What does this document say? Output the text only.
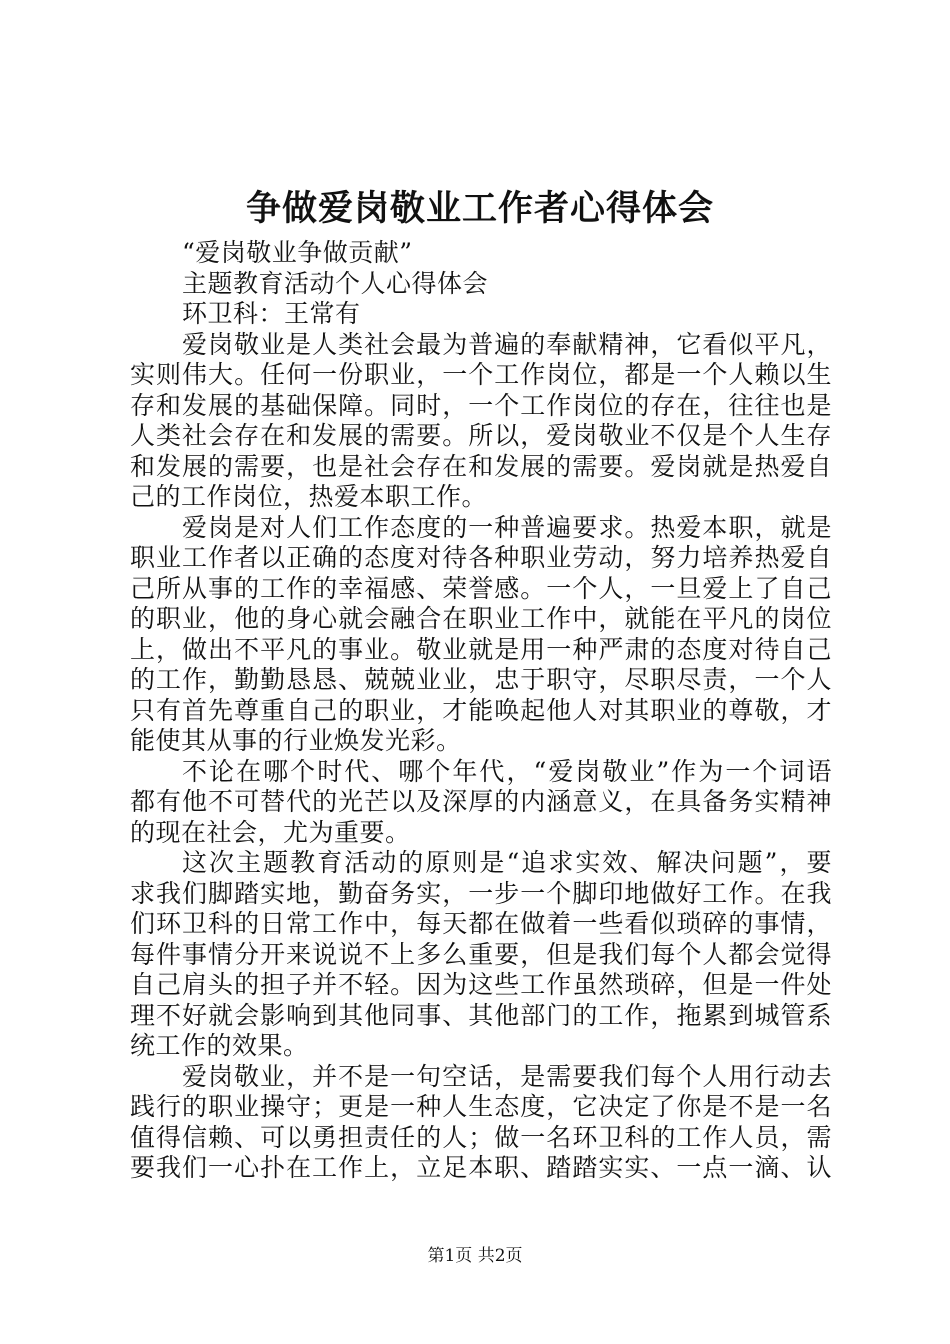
争做爱岗敬业工作者心得体会

“爱岗敬业争做贡献”

主题教育活动个人心得体会

环卫科：王常有

爱岗敬业是人类社会最为普遍的奉献精神，它看似平凡，

实则伟大。任何一份职业，一个工作岗位，都是一个人赖以生

存和发展的基础保障。同时，一个工作岗位的存在，往往也是

人类社会存在和发展的需要。所以，爱岗敬业不仅是个人生存

和发展的需要，也是社会存在和发展的需要。爱岗就是热爱自

己的工作岗位，热爱本职工作。

爱岗是对人们工作态度的一种普遍要求。热爱本职，就是

职业工作者以正确的态度对待各种职业劳动，努力培养热爱自

己所从事的工作的幸福感、荣誉感。一个人，一旦爱上了自己

的职业，他的身心就会融合在职业工作中，就能在平凡的岗位

上，做出不平凡的事业。敬业就是用一种严肃的态度对待自己

的工作，勤勤恳恳、兢兢业业，忠于职守，尽职尽责，一个人

只有首先尊重自己的职业，才能唤起他人对其职业的尊敬，才

能使其从事的行业焕发光彩。

不论在哪个时代、哪个年代，“爱岗敬业”作为一个词语

都有他不可替代的光芒以及深厚的内涵意义，在具备务实精神

的现在社会，尤为重要。

这次主题教育活动的原则是“追求实效、解决问题”，要

求我们脚踏实地，勤奋务实，一步一个脚印地做好工作。在我

们环卫科的日常工作中，每天都在做着一些看似琐碎的事情，

每件事情分开来说说不上多么重要，但是我们每个人都会觉得

自己肩头的担子并不轻。因为这些工作虽然琐碎，但是一件处

理不好就会影响到其他同事、其他部门的工作，拖累到城管系

统工作的效果。

爱岗敬业，并不是一句空话，是需要我们每个人用行动去

践行的职业操守；更是一种人生态度，它决定了你是不是一名

值得信赖、可以勇担责任的人；做一名环卫科的工作人员，需

要我们一心扑在工作上，立足本职、踏踏实实、一点一滴、认

第1页 共2页
